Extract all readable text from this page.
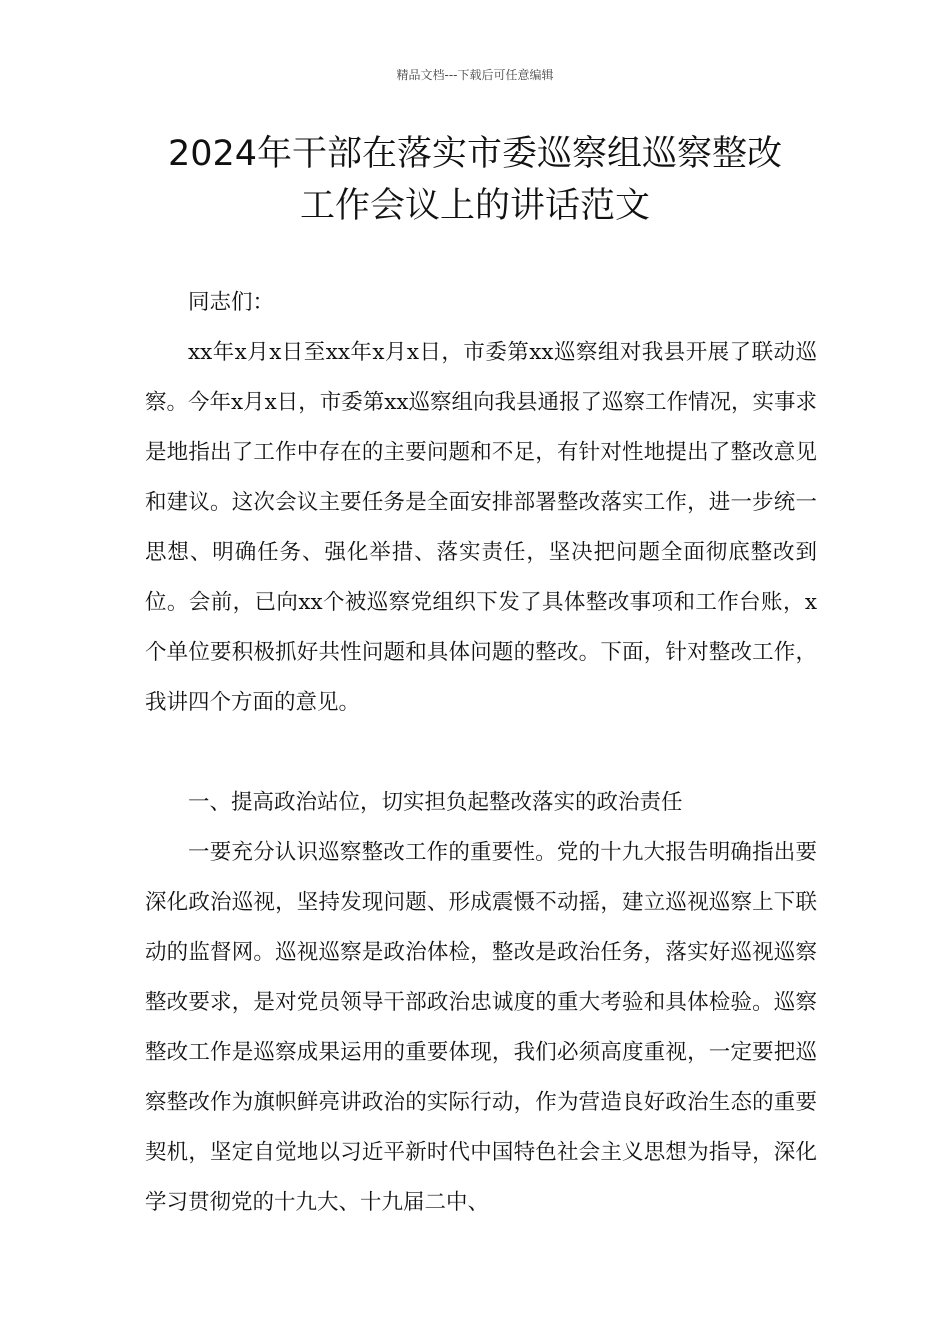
精品文档---下载后可任意编辑
2024年干部在落实市委巡察组巡察整改
工作会议上的讲话范文

同志们：

xx年x月x日至xx年x月x日，市委第xx巡察组对我县开展了联动巡察。今年x月x日，市委第xx巡察组向我县通报了巡察工作情况，实事求是地指出了工作中存在的主要问题和不足，有针对性地提出了整改意见和建议。这次会议主要任务是全面安排部署整改落实工作，进一步统一思想、明确任务、强化举措、落实责任，坚决把问题全面彻底整改到位。会前，已向xx个被巡察党组织下发了具体整改事项和工作台账，x个单位要积极抓好共性问题和具体问题的整改。下面，针对整改工作，我讲四个方面的意见。

一、提高政治站位，切实担负起整改落实的政治责任

一要充分认识巡察整改工作的重要性。党的十九大报告明确指出要深化政治巡视，坚持发现问题、形成震慑不动摇，建立巡视巡察上下联动的监督网。巡视巡察是政治体检，整改是政治任务，落实好巡视巡察整改要求，是对党员领导干部政治忠诚度的重大考验和具体检验。巡察整改工作是巡察成果运用的重要体现，我们必须高度重视，一定要把巡察整改作为旗帜鲜亮讲政治的实际行动，作为营造良好政治生态的重要契机，坚定自觉地以习近平新时代中国特色社会主义思想为指导，深化学习贯彻党的十九大、十九届二中、
